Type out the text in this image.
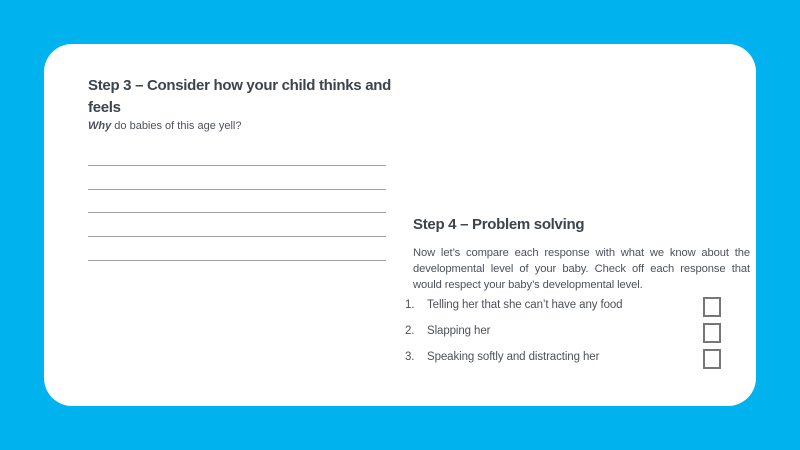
Step 3 – Consider how your child thinks and feels
Why do babies of this age yell?
Step 4 – Problem solving
Now let’s compare each response with what we know about the developmental level of your baby. Check off each response that would respect your baby’s developmental level.
1.	Telling her that she can’t have any food
2.	Slapping her
3.	Speaking softly and distracting her
